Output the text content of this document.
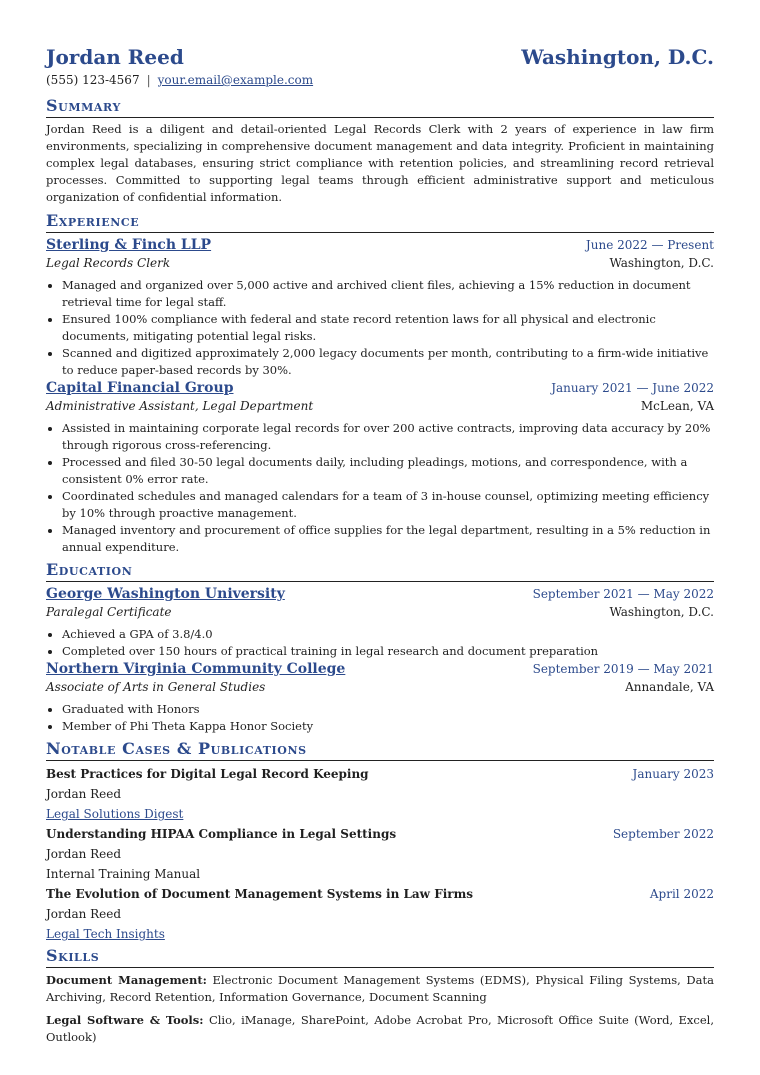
Jordan Reed	Washington, D.C.
(555) 123-4567 | your.email@example.com
Summary
Jordan Reed is a diligent and detail-oriented Legal Records Clerk with 2 years of experience in law firm environments, specializing in comprehensive document management and data integrity. Proficient in maintaining complex legal databases, ensuring strict compliance with retention policies, and streamlining record retrieval processes. Committed to supporting legal teams through efficient administrative support and meticulous organization of confidential information.
Experience
Sterling & Finch LLP	June 2022 — Present
Legal Records Clerk	Washington, D.C.
• Managed and organized over 5,000 active and archived client files, achieving a 15% reduction in document retrieval time for legal staff.
• Ensured 100% compliance with federal and state record retention laws for all physical and electronic documents, mitigating potential legal risks.
• Scanned and digitized approximately 2,000 legacy documents per month, contributing to a firm-wide initiative to reduce paper-based records by 30%.
Capital Financial Group	January 2021 — June 2022
Administrative Assistant, Legal Department	McLean, VA
• Assisted in maintaining corporate legal records for over 200 active contracts, improving data accuracy by 20% through rigorous cross-referencing.
• Processed and filed 30-50 legal documents daily, including pleadings, motions, and correspondence, with a consistent 0% error rate.
• Coordinated schedules and managed calendars for a team of 3 in-house counsel, optimizing meeting efficiency by 10% through proactive management.
• Managed inventory and procurement of office supplies for the legal department, resulting in a 5% reduction in annual expenditure.
Education
George Washington University	September 2021 — May 2022
Paralegal Certificate	Washington, D.C.
• Achieved a GPA of 3.8/4.0
• Completed over 150 hours of practical training in legal research and document preparation
Northern Virginia Community College	September 2019 — May 2021
Associate of Arts in General Studies	Annandale, VA
• Graduated with Honors
• Member of Phi Theta Kappa Honor Society
Notable Cases & Publications
Best Practices for Digital Legal Record Keeping	January 2023
Jordan Reed
Legal Solutions Digest
Understanding HIPAA Compliance in Legal Settings	September 2022
Jordan Reed
Internal Training Manual
The Evolution of Document Management Systems in Law Firms	April 2022
Jordan Reed
Legal Tech Insights
Skills
Document Management: Electronic Document Management Systems (EDMS), Physical Filing Systems, Data Archiving, Record Retention, Information Governance, Document Scanning
Legal Software & Tools: Clio, iManage, SharePoint, Adobe Acrobat Pro, Microsoft Office Suite (Word, Excel, Outlook)
